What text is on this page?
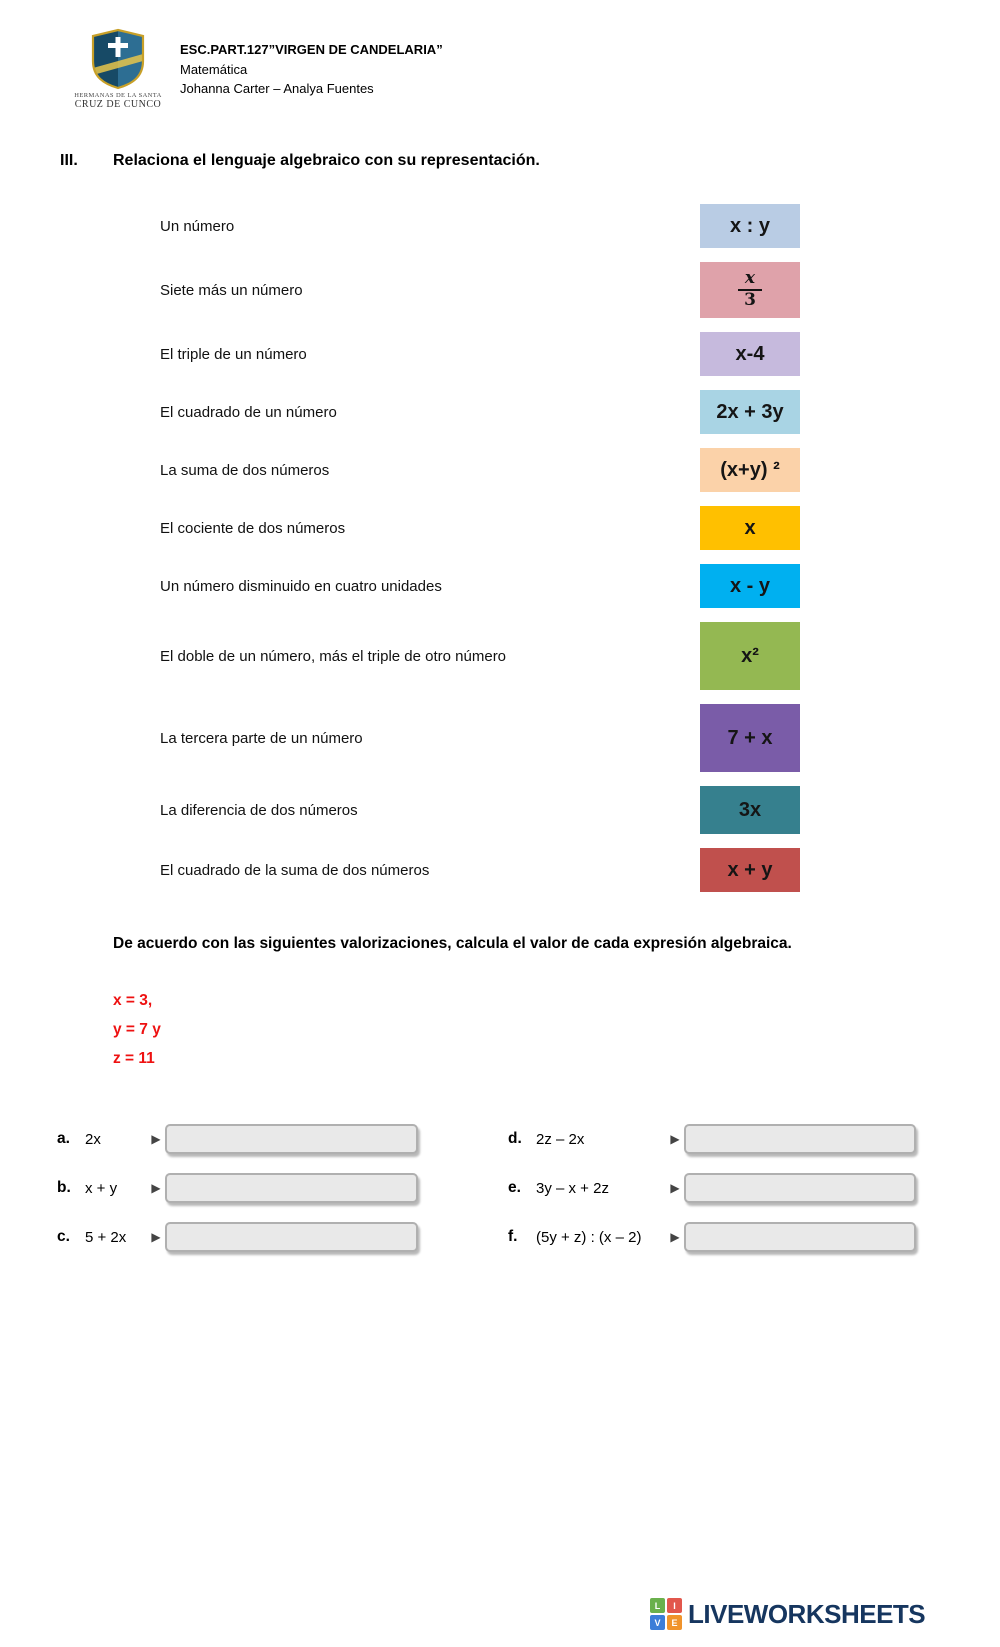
HERMANAS DE LA SANTA
CRUZ DE CUNCO
ESC.PART.127”VIRGEN DE CANDELARIA”
Matemática
Johanna Carter – Analya Fuentes
III.	Relaciona el lenguaje algebraico con su representación.
Un número	x : y
Siete más un número	$\frac{x}{3}$
El triple de un número	x-4
El cuadrado de un número	2x + 3y
La suma de dos números	(x+y) ²
El cociente de dos números	x
Un número disminuido en cuatro unidades	x - y
El doble de un número, más el triple de otro número	x²
La tercera parte de un número	7 + x
La diferencia de dos números	3x
El cuadrado de la suma de dos números	x + y
De acuerdo con las siguientes valorizaciones, calcula el valor de cada expresión algebraica.
x = 3,
y = 7 y
z = 11
a.	2x	▶
b. x + y	▶
c.	5 + 2x	▶
d. 2z – 2x	▶
e.	3y – x + 2z	▶
f.	(5y + z) : (x – 2)	▶
L	I
V	E LIVEWORKSHEETS
